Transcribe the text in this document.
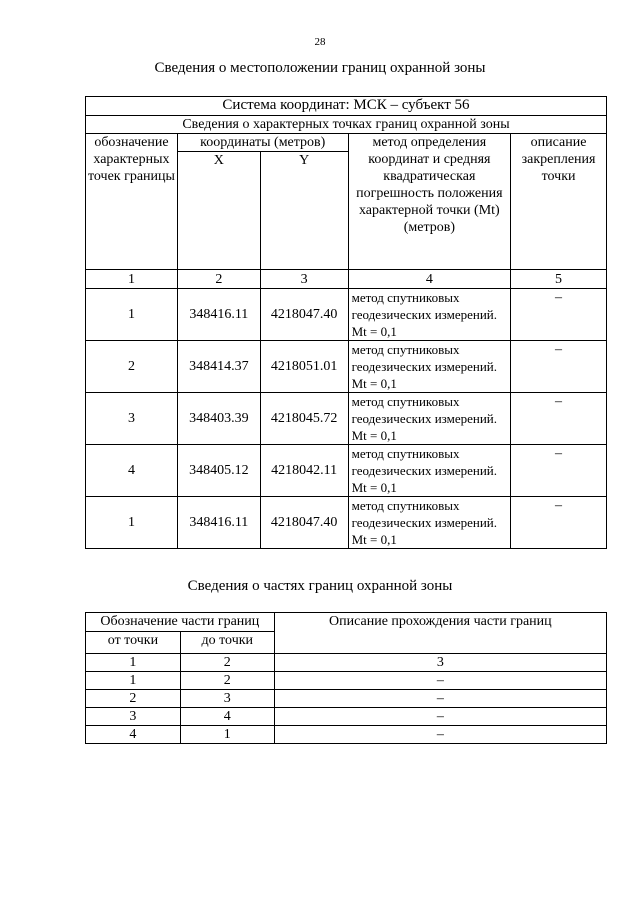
28
Сведения о местоположении границ охранной зоны
Система координат: МСК – субъект 56				
Сведения о характерных точках границ охранной зоны				
обозначение характерных точек границы	координаты (метров)		метод определения координат и средняя квадратическая погрешность положения характерной точки (Mt) (метров)	описание закрепления точки
	X	Y		
1	2	3	4	5
1	348416.11	4218047.40	метод спутниковых геодезических измерений. Mt = 0,1	–
2	348414.37	4218051.01	метод спутниковых геодезических измерений. Mt = 0,1	–
3	348403.39	4218045.72	метод спутниковых геодезических измерений. Mt = 0,1	–
4	348405.12	4218042.11	метод спутниковых геодезических измерений. Mt = 0,1	–
1	348416.11	4218047.40	метод спутниковых геодезических измерений. Mt = 0,1	–
Сведения о частях границ охранной зоны
Обозначение части границ		Описание прохождения части границ
от точки	до точки	
1	2	3
1	2	–
2	3	–
3	4	–
4	1	–
